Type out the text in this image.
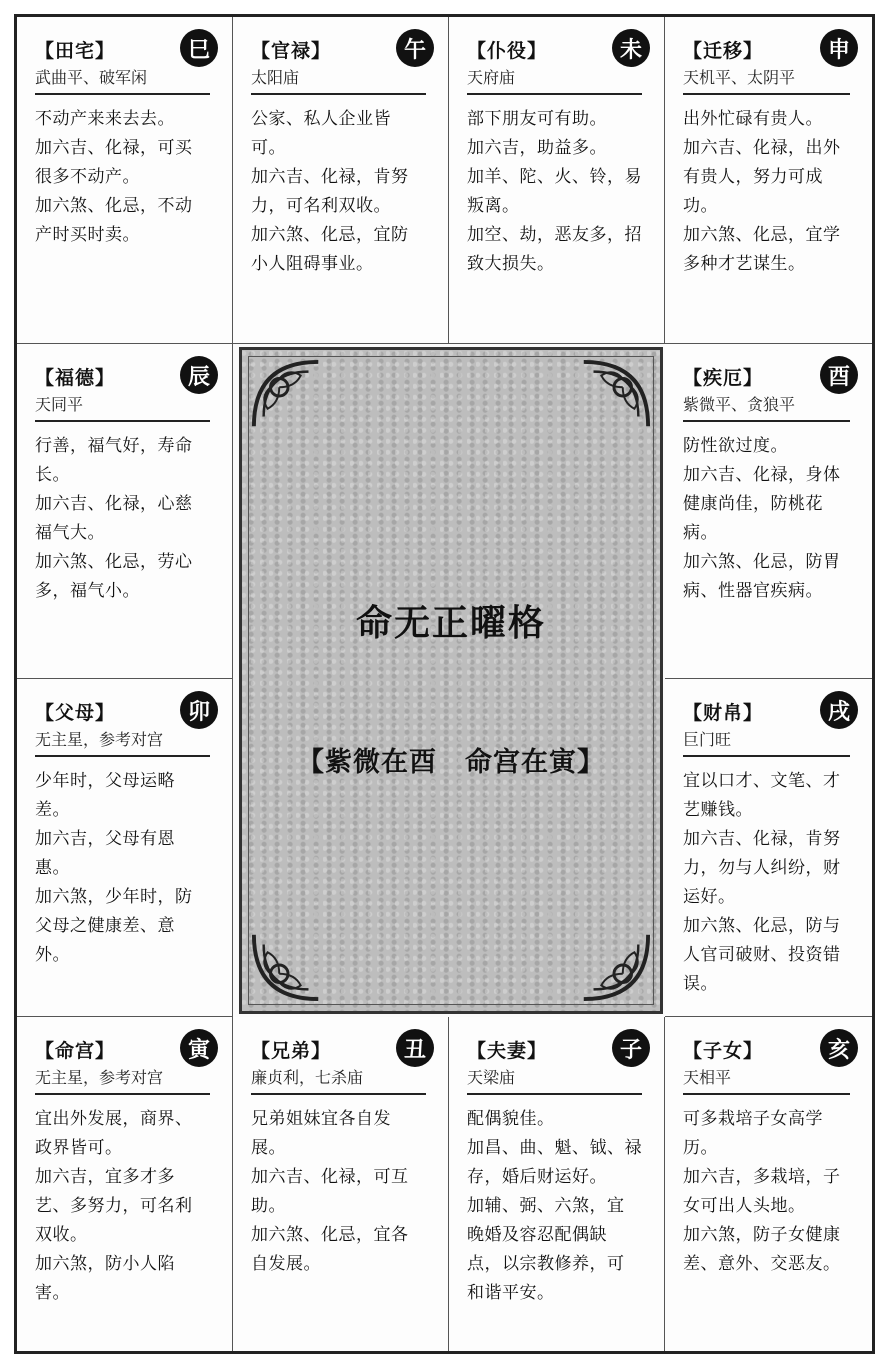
【田宅】	巳
武曲平、破军闲
不动产来来去去。
加六吉、化禄，可买
很多不动产。
加六煞、化忌，不动
产时买时卖。
【官禄】	午
太阳庙
公家、私人企业皆
可。
加六吉、化禄，肯努
力，可名利双收。
加六煞、化忌，宜防
小人阻碍事业。
【仆役】	未
天府庙
部下朋友可有助。
加六吉，助益多。
加羊、陀、火、铃，易
叛离。
加空、劫，恶友多，招
致大损失。
【迁移】	申
天机平、太阴平
出外忙碌有贵人。
加六吉、化禄，出外
有贵人，努力可成
功。
加六煞、化忌，宜学
多种才艺谋生。
【福德】	辰
天同平
行善，福气好，寿命
长。
加六吉、化禄，心慈
福气大。
加六煞、化忌，劳心
多，福气小。
【疾厄】	酉
紫微平、贪狼平
防性欲过度。
加六吉、化禄，身体
健康尚佳，防桃花
病。
加六煞、化忌，防胃
病、性器官疾病。
【父母】	卯
无主星，参考对宫
少年时，父母运略
差。
加六吉，父母有恩
惠。
加六煞，少年时，防
父母之健康差、意
外。
【财帛】	戌
巨门旺
宜以口才、文笔、才
艺赚钱。
加六吉、化禄，肯努
力，勿与人纠纷，财
运好。
加六煞、化忌，防与
人官司破财、投资错
误。
【命宫】	寅
无主星，参考对宫
宜出外发展，商界、
政界皆可。
加六吉，宜多才多
艺、多努力，可名利
双收。
加六煞，防小人陷
害。
【兄弟】	丑
廉贞利，七杀庙
兄弟姐妹宜各自发
展。
加六吉、化禄，可互
助。
加六煞、化忌，宜各
自发展。
【夫妻】	子
天梁庙
配偶貌佳。
加昌、曲、魁、钺、禄
存，婚后财运好。
加辅、弼、六煞，宜
晚婚及容忍配偶缺
点，以宗教修养，可
和谐平安。
【子女】	亥
天相平
可多栽培子女高学
历。
加六吉，多栽培，子
女可出人头地。
加六煞，防子女健康
差、意外、交恶友。
命无正曜格
【紫微在酉　命宫在寅】
